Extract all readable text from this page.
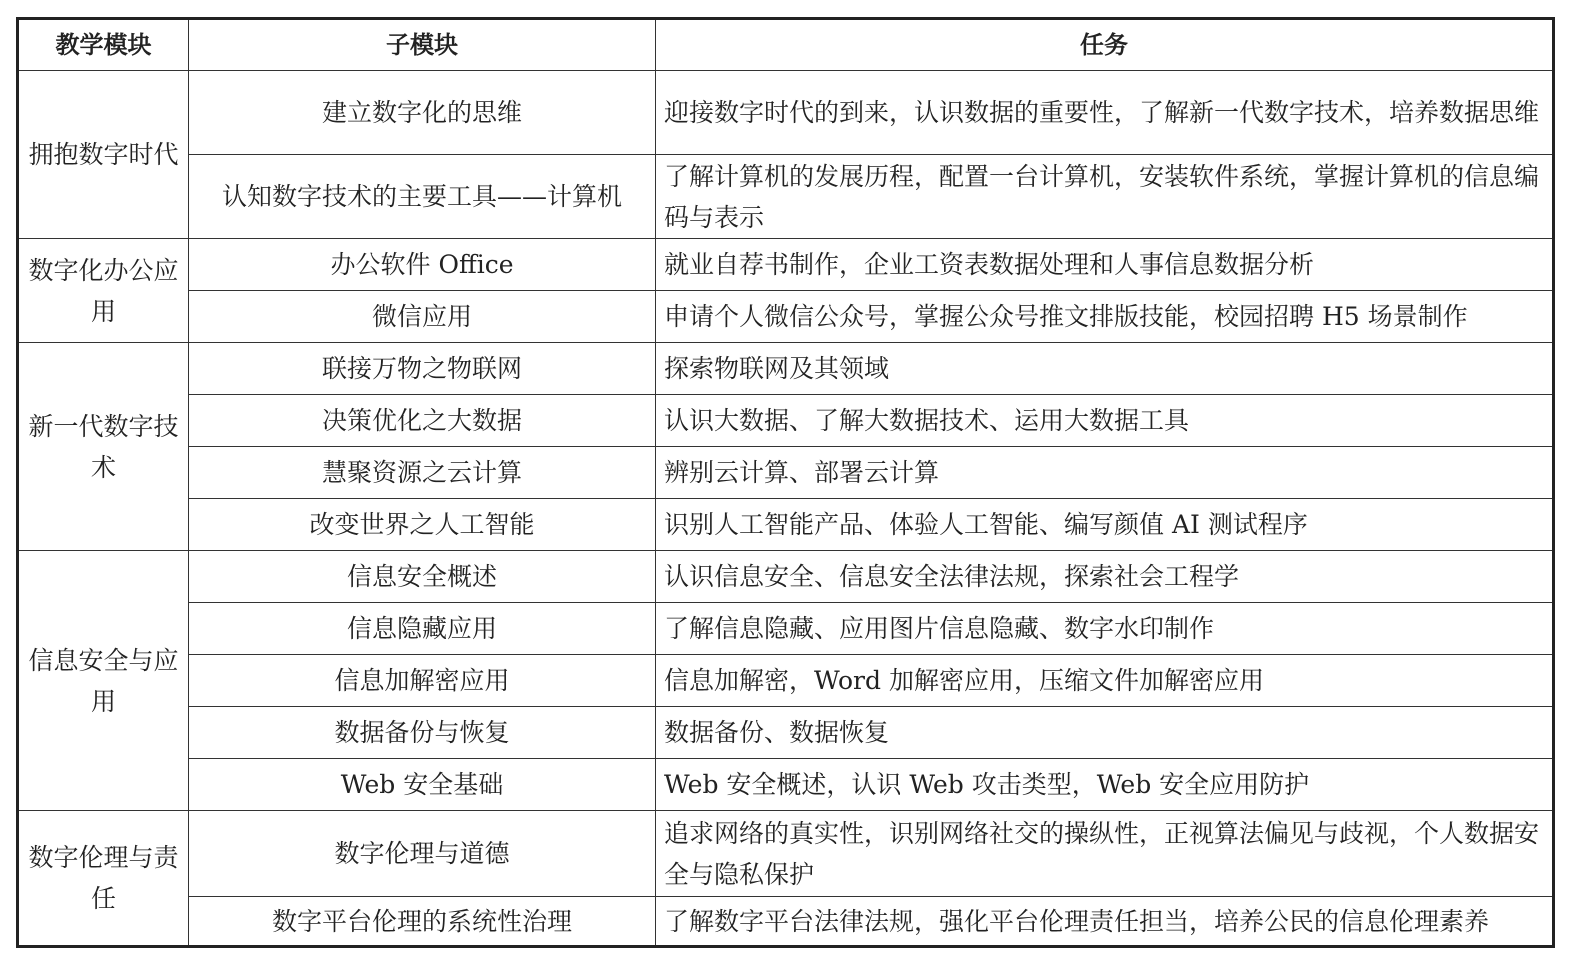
教学模块	子模块	任务
拥抱数字时代	建立数字化的思维	迎接数字时代的到来，认识数据的重要性，了解新一代数字技术，培养数据思维
	认知数字技术的主要工具——计算机	了解计算机的发展历程，配置一台计算机，安装软件系统，掌握计算机的信息编码与表示
数字化办公应用	办公软件 Office	就业自荐书制作，企业工资表数据处理和人事信息数据分析
	微信应用	申请个人微信公众号，掌握公众号推文排版技能，校园招聘 H5 场景制作
新一代数字技术	联接万物之物联网	探索物联网及其领域
	决策优化之大数据	认识大数据、了解大数据技术、运用大数据工具
	慧聚资源之云计算	辨别云计算、部署云计算
	改变世界之人工智能	识别人工智能产品、体验人工智能、编写颜值 AI 测试程序
信息安全与应用	信息安全概述	认识信息安全、信息安全法律法规，探索社会工程学
	信息隐藏应用	了解信息隐藏、应用图片信息隐藏、数字水印制作
	信息加解密应用	信息加解密，Word 加解密应用，压缩文件加解密应用
	数据备份与恢复	数据备份、数据恢复
	Web 安全基础	Web 安全概述，认识 Web 攻击类型，Web 安全应用防护
数字伦理与责任	数字伦理与道德	追求网络的真实性，识别网络社交的操纵性，正视算法偏见与歧视，个人数据安全与隐私保护
	数字平台伦理的系统性治理	了解数字平台法律法规，强化平台伦理责任担当，培养公民的信息伦理素养
